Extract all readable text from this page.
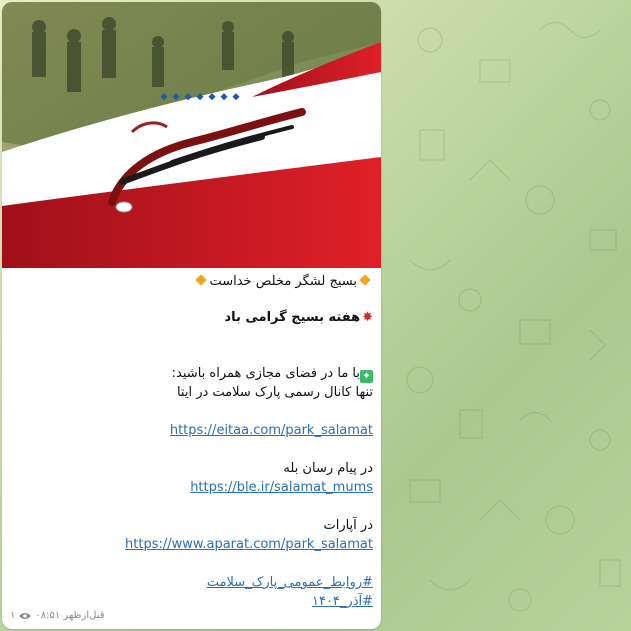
بسیج لشگر مخلص خداست
✸هفته بسیج گرامی باد
✦با ما در فضای مجازی همراه باشید:
تنها کانال رسمی پارک سلامت در ایتا
https://eitaa.com/park_salamat
در پیام رسان بله
https://ble.ir/salamat_mums
در آپارات
https://www.aparat.com/park_salamat
#روابط_عمومی_پارک_سلامت
#آذر_۱۴۰۴
۱ ۰۸:۵۱ قبل‌ازظهر
